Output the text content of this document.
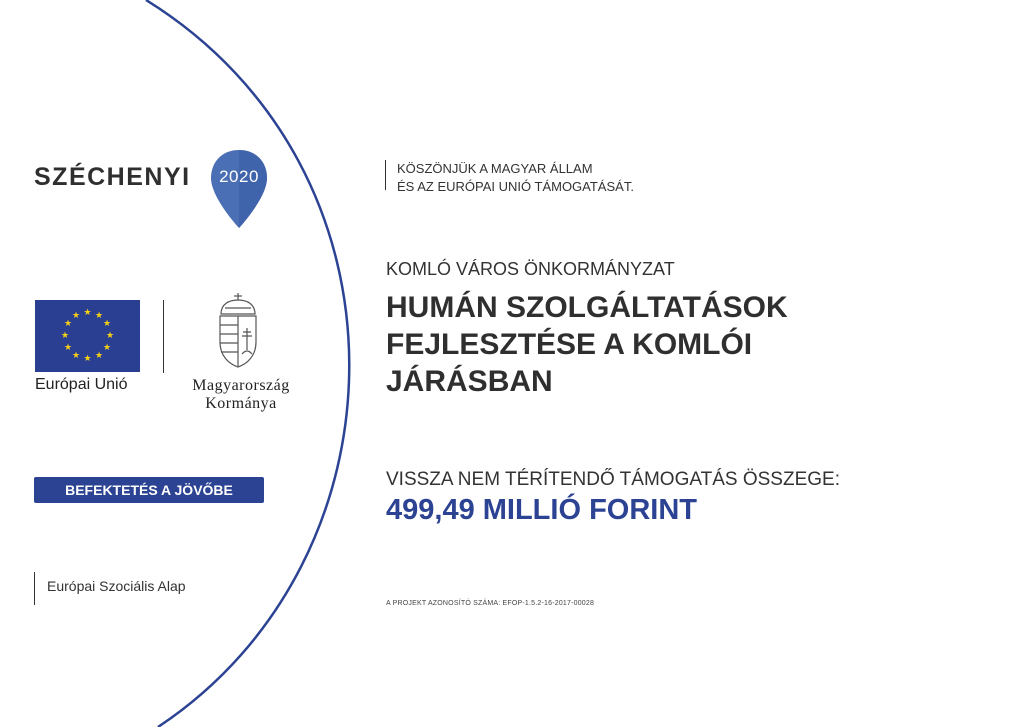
SZÉCHENYI	2020
★ ★
★
★
★
★
★
★
★
★
★
★
Európai Unió	Magyarország
Kormánya
BEFEKTETÉS A JÖVŐBE
Európai Szociális Alap
KÖSZÖNJÜK A MAGYAR ÁLLAM
ÉS AZ EURÓPAI UNIÓ TÁMOGATÁSÁT.
KOMLÓ VÁROS ÖNKORMÁNYZAT
HUMÁN SZOLGÁLTATÁSOK
FEJLESZTÉSE A KOMLÓI
JÁRÁSBAN
VISSZA NEM TÉRÍTENDŐ TÁMOGATÁS ÖSSZEGE:
499,49 MILLIÓ FORINT
A PROJEKT AZONOSÍTÓ SZÁMA: EFOP-1.5.2-16-2017-00028
